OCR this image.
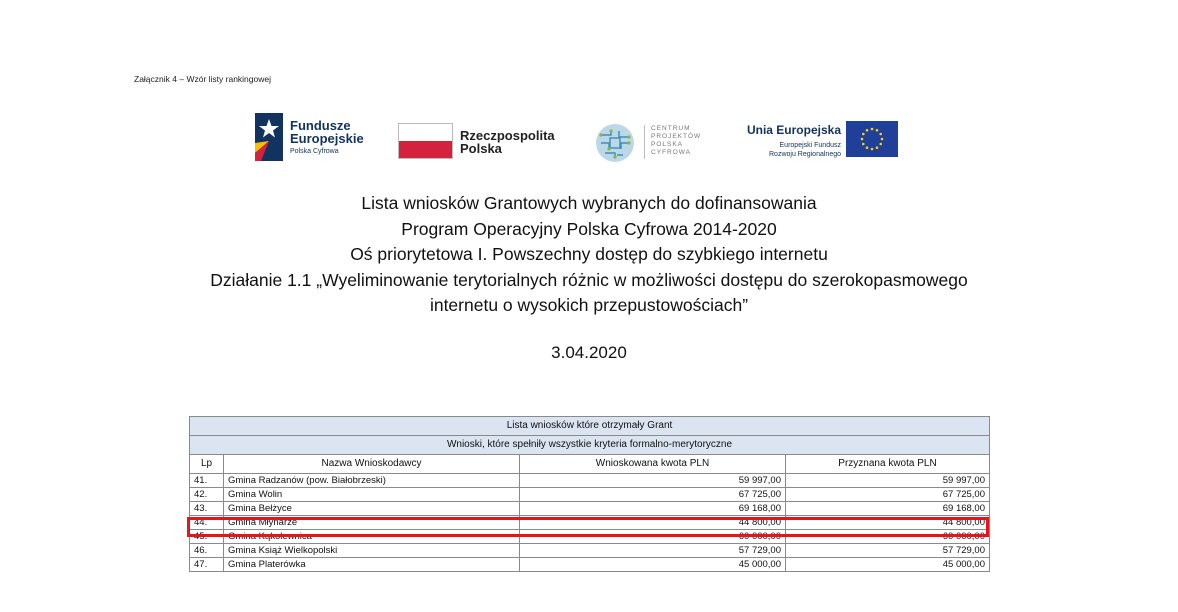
Załącznik 4 – Wzór listy rankingowej
Fundusze
Europejskie
Polska Cyfrowa
Rzeczpospolita
Polska
CENTRUM
PROJEKTÓW
POLSKA
CYFROWA
Unia Europejska
Europejski Fundusz
Rozwoju Regionalnego
Lista wniosków Grantowych wybranych do dofinansowania
Program Operacyjny Polska Cyfrowa 2014-2020
Oś priorytetowa I. Powszechny dostęp do szybkiego internetu
Działanie 1.1 „Wyeliminowanie terytorialnych różnic w możliwości dostępu do szerokopasmowego
internetu o wysokich przepustowościach”
3.04.2020
Lista wniosków które otrzymały Grant			
Wnioski, które spełniły wszystkie kryteria formalno-merytoryczne			
Lp	Nazwa Wnioskodawcy	Wnioskowana kwota PLN	Przyznana kwota PLN
41.	Gmina Radzanów (pow. Białobrzeski)	59 997,00	59 997,00
42.	Gmina Wolin	67 725,00	67 725,00
43.	Gmina Bełżyce	69 168,00	69 168,00
44.	Gmina Młynarze	44 800,00	44 800,00
45.	Gmina Kąkolewnica	60 000,00	60 000,00
46.	Gmina Książ Wielkopolski	57 729,00	57 729,00
47.	Gmina Platerówka	45 000,00	45 000,00
